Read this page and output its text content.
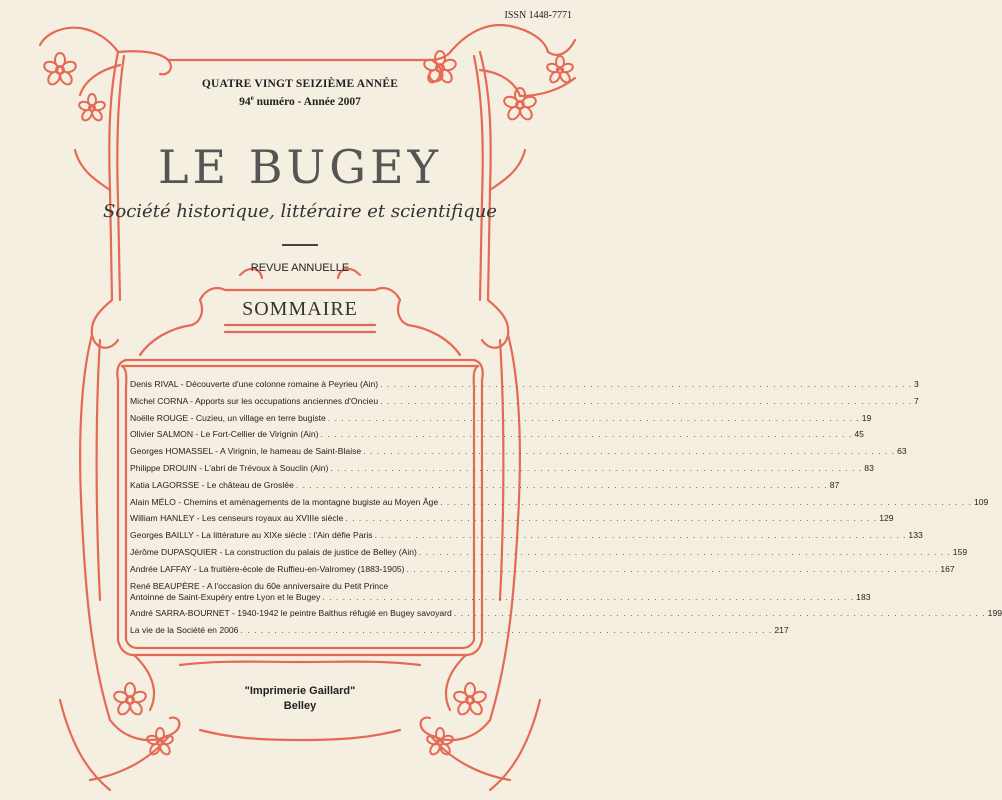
ISSN 1448-7771
QUATRE VINGT SEIZIÈME ANNÉE
94e numéro - Année 2007
LE BUGEY
Société historique, littéraire et scientifique
REVUE ANNUELLE
SOMMAIRE
Denis RIVAL - Découverte d'une colonne romaine à Peyrieu (Ain) . . .	3
Michel CORNA - Apports sur les occupations anciennes d'Oncieu . . .	7
Noëlle ROUGE - Cuzieu, un village en terre bugiste . . .	19
Olivier SALMON - Le Fort-Cellier de Virignin (Ain) . . .	45
Georges HOMASSEL - A Virignin, le hameau de Saint-Blaise . . .	63
Philippe DROUIN - L'abri de Trévoux à Souclin (Ain) . . .	83
Katia LAGORSSE - Le château de Groslée . . .	87
Alain MÉLO - Chemins et aménagements de la montagne bugiste au Moyen Âge . . .	109
William HANLEY - Les censeurs royaux au XVIIIe siècle . . .	129
Georges BAILLY - La littérature au XIXe siècle : l'Ain défie Paris . . .	133
Jérôme DUPASQUIER - La construction du palais de justice de Belley (Ain) . . .	159
Andrée LAFFAY - La fruitière-école de Ruffieu-en-Valromey (1883-1905) . . .	167
René BEAUPÈRE - A l'occasion du 60e anniversaire du Petit Prince
Antoinne de Saint-Exupéry entre Lyon et le Bugey . . .	183
André SARRA-BOURNET - 1940-1942 le peintre Balthus réfugié en Bugey savoyard . . .	199
La vie de la Société en 2006 . . .	217
"Imprimerie Gaillard"
Belley
